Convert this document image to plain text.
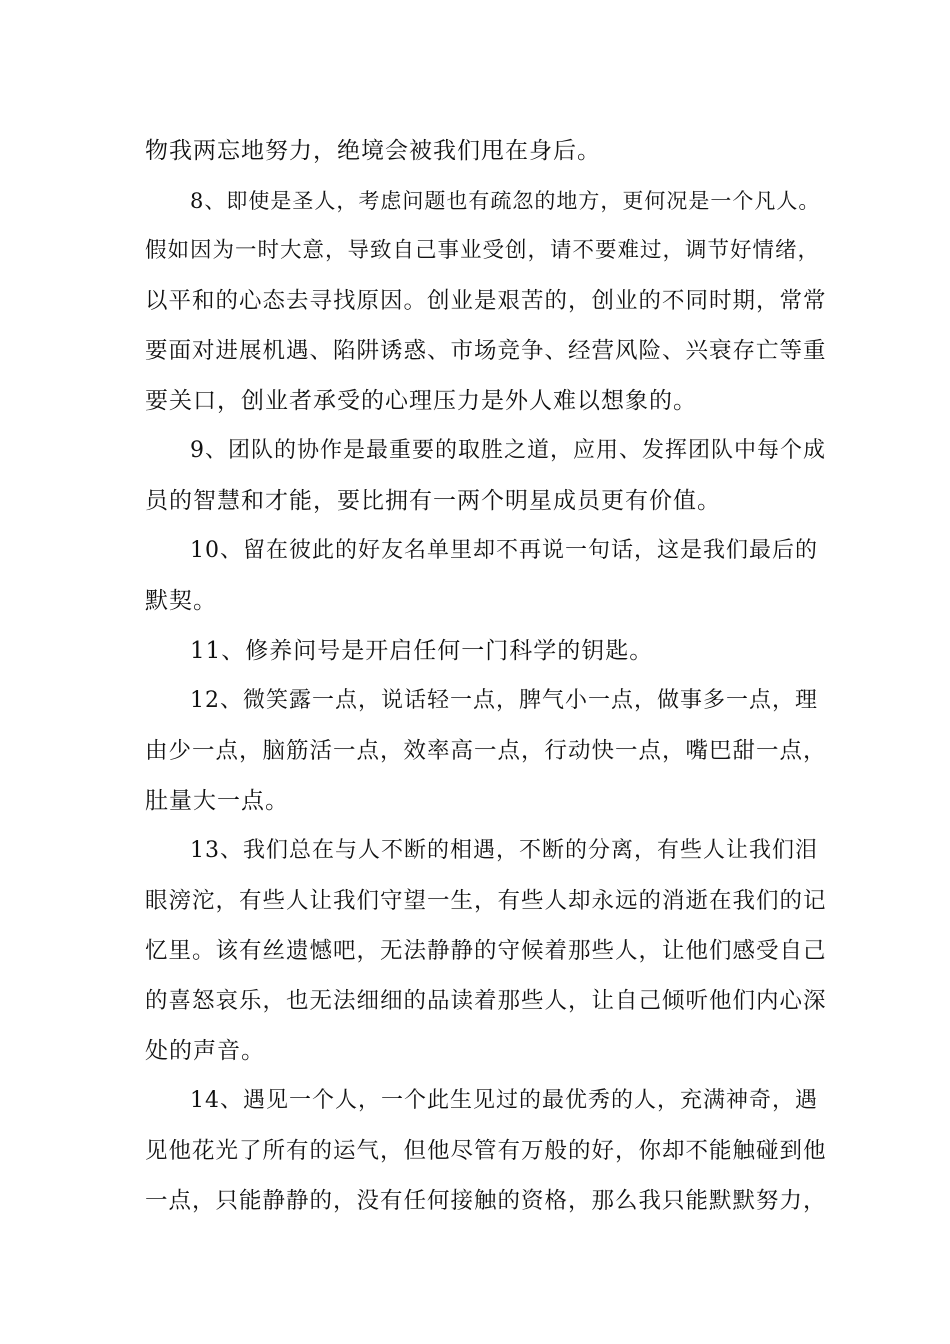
物我两忘地努力，绝境会被我们甩在身后。
8、即使是圣人，考虑问题也有疏忽的地方，更何况是一个凡人。
假如因为一时大意，导致自己事业受创，请不要难过，调节好情绪，
以平和的心态去寻找原因。创业是艰苦的，创业的不同时期，常常
要面对进展机遇、陷阱诱惑、市场竞争、经营风险、兴衰存亡等重
要关口，创业者承受的心理压力是外人难以想象的。
9、团队的协作是最重要的取胜之道，应用、发挥团队中每个成
员的智慧和才能，要比拥有一两个明星成员更有价值。
10、留在彼此的好友名单里却不再说一句话，这是我们最后的
默契。
11、修养问号是开启任何一门科学的钥匙。
12、微笑露一点，说话轻一点，脾气小一点，做事多一点，理
由少一点，脑筋活一点，效率高一点，行动快一点，嘴巴甜一点，
肚量大一点。
13、我们总在与人不断的相遇，不断的分离，有些人让我们泪
眼滂沱，有些人让我们守望一生，有些人却永远的消逝在我们的记
忆里。该有丝遗憾吧，无法静静的守候着那些人，让他们感受自己
的喜怒哀乐，也无法细细的品读着那些人，让自己倾听他们内心深
处的声音。
14、遇见一个人，一个此生见过的最优秀的人，充满神奇，遇
见他花光了所有的运气，但他尽管有万般的好，你却不能触碰到他
一点，只能静静的，没有任何接触的资格，那么我只能默默努力，
